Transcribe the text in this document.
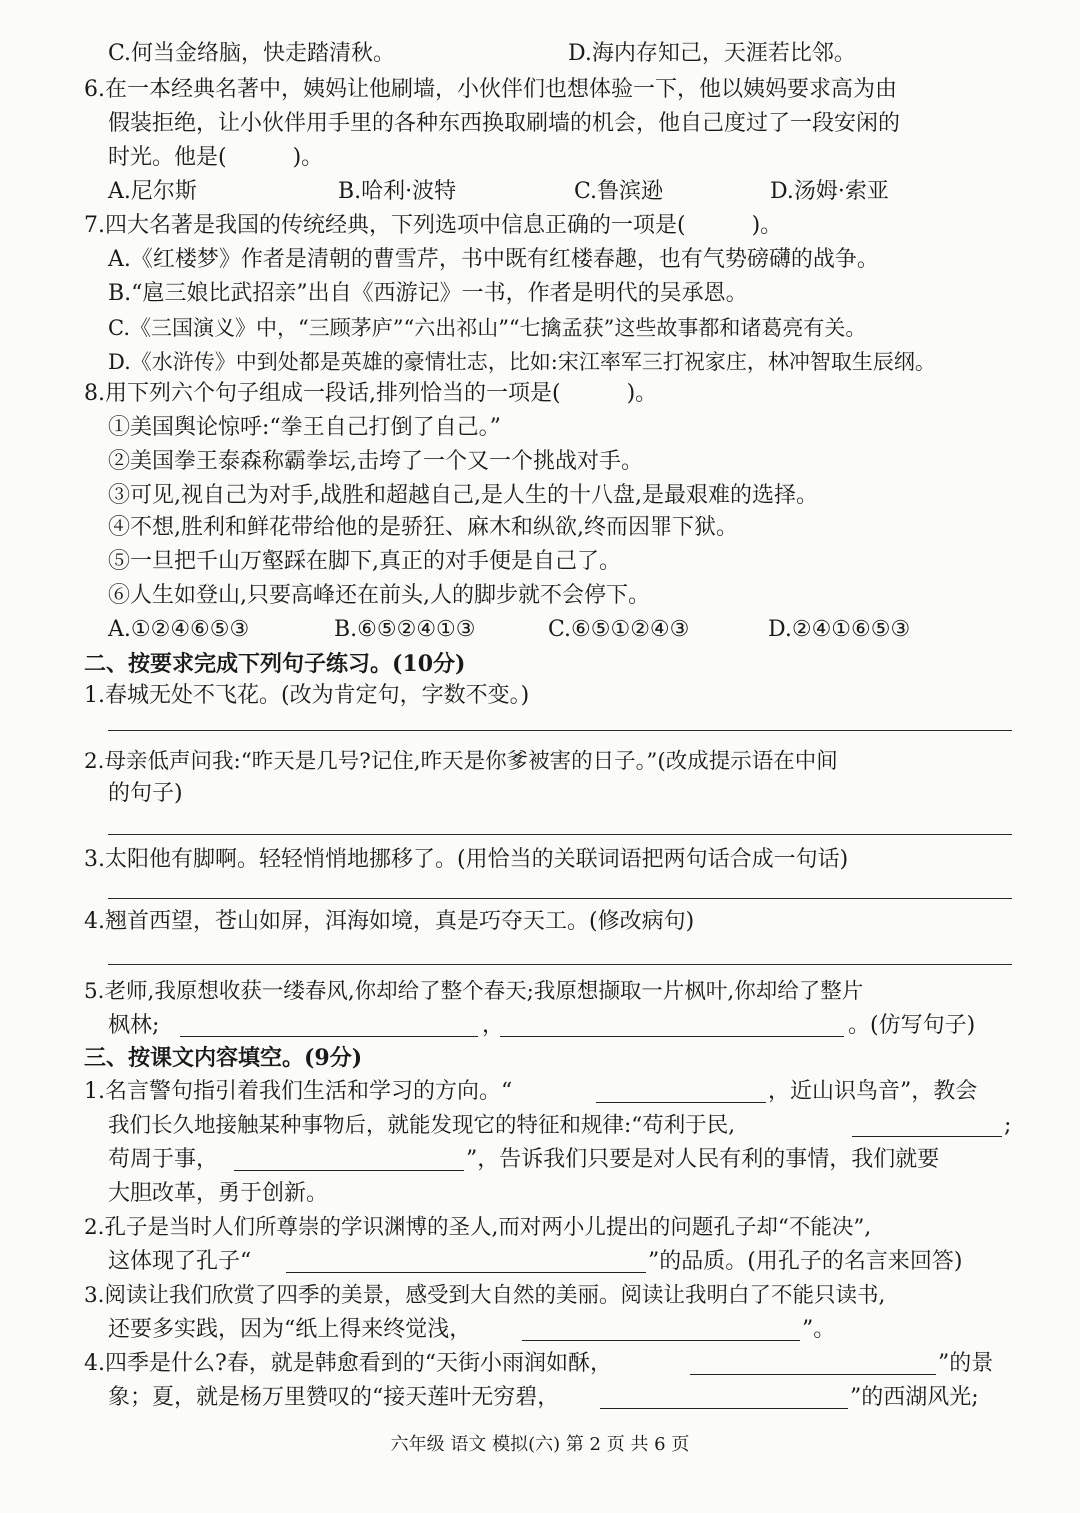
C.何当金络脑，快走踏清秋。	D.海内存知己，天涯若比邻。
6.在一本经典名著中，姨妈让他刷墙，小伙伴们也想体验一下，他以姨妈要求高为由
假装拒绝，让小伙伴用手里的各种东西换取刷墙的机会，他自己度过了一段安闲的
时光。他是(　　　)。
A.尼尔斯	B.哈利·波特	C.鲁滨逊	D.汤姆·索亚
7.四大名著是我国的传统经典，下列选项中信息正确的一项是(　　　)。
A.《红楼梦》作者是清朝的曹雪芹，书中既有红楼春趣，也有气势磅礴的战争。
B.“扈三娘比武招亲”出自《西游记》一书，作者是明代的吴承恩。
C.《三国演义》中，“三顾茅庐”“六出祁山”“七擒孟获”这些故事都和诸葛亮有关。
D.《水浒传》中到处都是英雄的豪情壮志，比如:宋江率军三打祝家庄，林冲智取生辰纲。
8.用下列六个句子组成一段话,排列恰当的一项是(　　　)。
①美国舆论惊呼:“拳王自己打倒了自己。”
②美国拳王泰森称霸拳坛,击垮了一个又一个挑战对手。
③可见,视自己为对手,战胜和超越自己,是人生的十八盘,是最艰难的选择。
④不想,胜利和鲜花带给他的是骄狂、麻木和纵欲,终而因罪下狱。
⑤一旦把千山万壑踩在脚下,真正的对手便是自己了。
⑥人生如登山,只要高峰还在前头,人的脚步就不会停下。
A.①②④⑥⑤③	B.⑥⑤②④①③	C.⑥⑤①②④③	D.②④①⑥⑤③
二、按要求完成下列句子练习。(10分)
1.春城无处不飞花。(改为肯定句，字数不变。)
2.母亲低声问我:“昨天是几号?记住,昨天是你爹被害的日子。”(改成提示语在中间
的句子)
3.太阳他有脚啊。轻轻悄悄地挪移了。(用恰当的关联词语把两句话合成一句话)
4.翘首西望，苍山如屏，洱海如境，真是巧夺天工。(修改病句)
5.老师,我原想收获一缕春风,你却给了整个春天;我原想撷取一片枫叶,你却给了整片
枫林;	，	。(仿写句子)
三、按课文内容填空。(9分)
1.名言警句指引着我们生活和学习的方向。“	，近山识鸟音”，教会
我们长久地接触某种事物后，就能发现它的特征和规律:“苟利于民,	;
苟周于事，	”，告诉我们只要是对人民有利的事情，我们就要
大胆改革，勇于创新。
2.孔子是当时人们所尊崇的学识渊博的圣人,而对两小儿提出的问题孔子却“不能决”,
这体现了孔子“	”的品质。(用孔子的名言来回答)
3.阅读让我们欣赏了四季的美景，感受到大自然的美丽。阅读让我明白了不能只读书,
还要多实践，因为“纸上得来终觉浅，	”。
4.四季是什么?春，就是韩愈看到的“天街小雨润如酥，	”的景
象；夏，就是杨万里赞叹的“接天莲叶无穷碧，	”的西湖风光;
六年级 语文 模拟(六) 第 2 页 共 6 页
